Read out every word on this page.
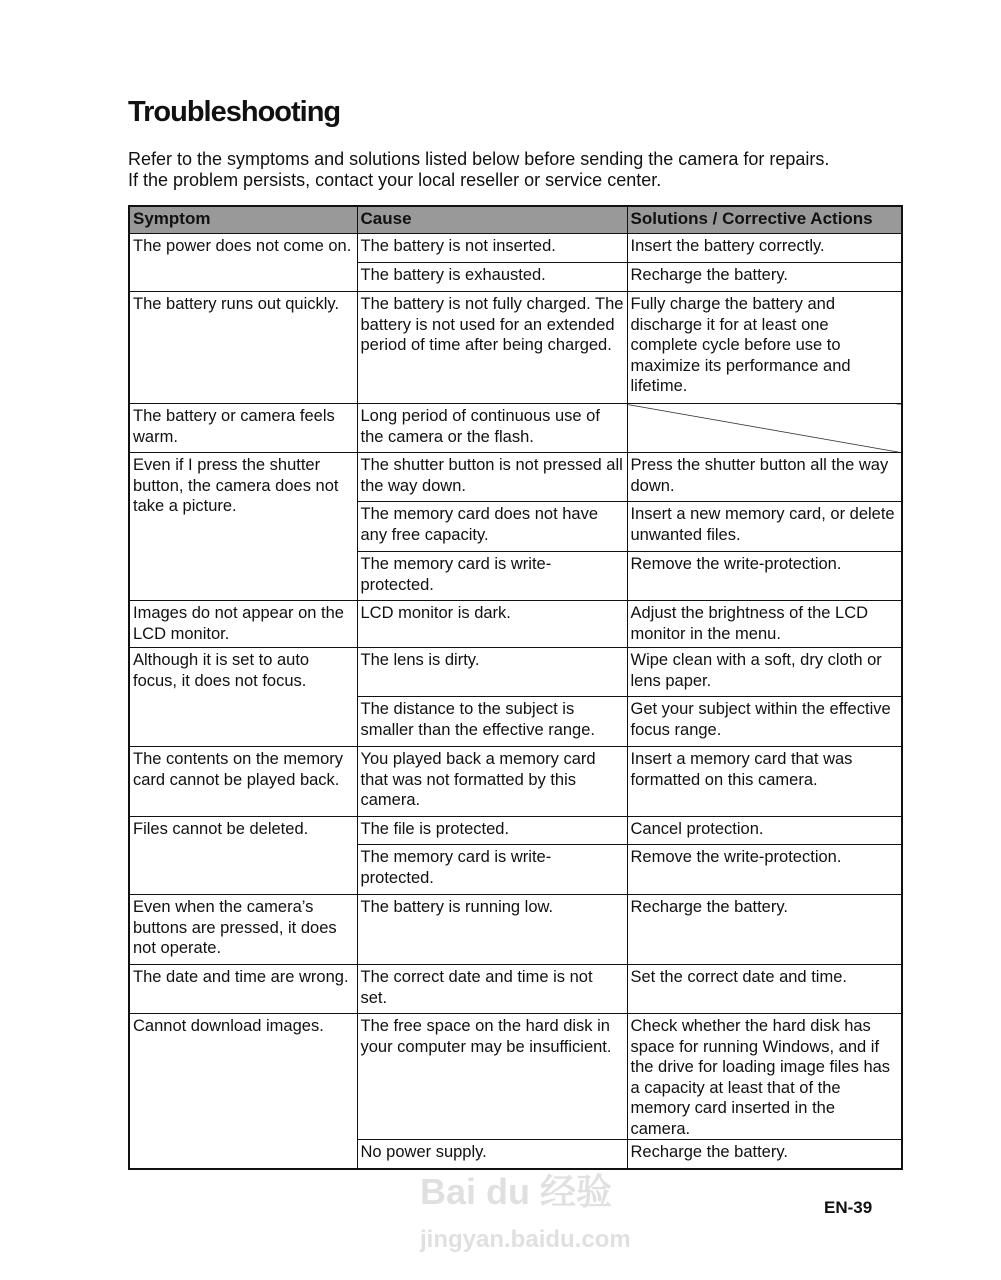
Troubleshooting
Refer to the symptoms and solutions listed below before sending the camera for repairs.
If the problem persists, contact your local reseller or service center.
Symptom	Cause	Solutions / Corrective Actions
The power does not come on.	The battery is not inserted.	Insert the battery correctly.
	The battery is exhausted.	Recharge the battery.
The battery runs out quickly.	The battery is not fully charged. The battery is not used for an extended period of time after being charged.	Fully charge the battery and discharge it for at least one complete cycle before use to maximize its performance and lifetime.
The battery or camera feels warm.	Long period of continuous use of the camera or the flash.	
Even if I press the shutter button, the camera does not take a picture.	The shutter button is not pressed all the way down.	Press the shutter button all the way down.
	The memory card does not have any free capacity.	Insert a new memory card, or delete unwanted files.
	The memory card is write-protected.	Remove the write-protection.
Images do not appear on the LCD monitor.	LCD monitor is dark.	Adjust the brightness of the LCD monitor in the menu.
Although it is set to auto focus, it does not focus.	The lens is dirty.	Wipe clean with a soft, dry cloth or lens paper.
	The distance to the subject is smaller than the effective range.	Get your subject within the effective focus range.
The contents on the memory card cannot be played back.	You played back a memory card that was not formatted by this camera.	Insert a memory card that was formatted on this camera.
Files cannot be deleted.	The file is protected.	Cancel protection.
	The memory card is write-protected.	Remove the write-protection.
Even when the camera’s buttons are pressed, it does not operate.	The battery is running low.	Recharge the battery.
The date and time are wrong.	The correct date and time is not set.	Set the correct date and time.
Cannot download images.	The free space on the hard disk in your computer may be insufficient.	Check whether the hard disk has space for running Windows, and if the drive for loading image files has a capacity at least that of the memory card inserted in the camera.
	No power supply.	Recharge the battery.
Bai du 经验
jingyan.baidu.com
EN-39
